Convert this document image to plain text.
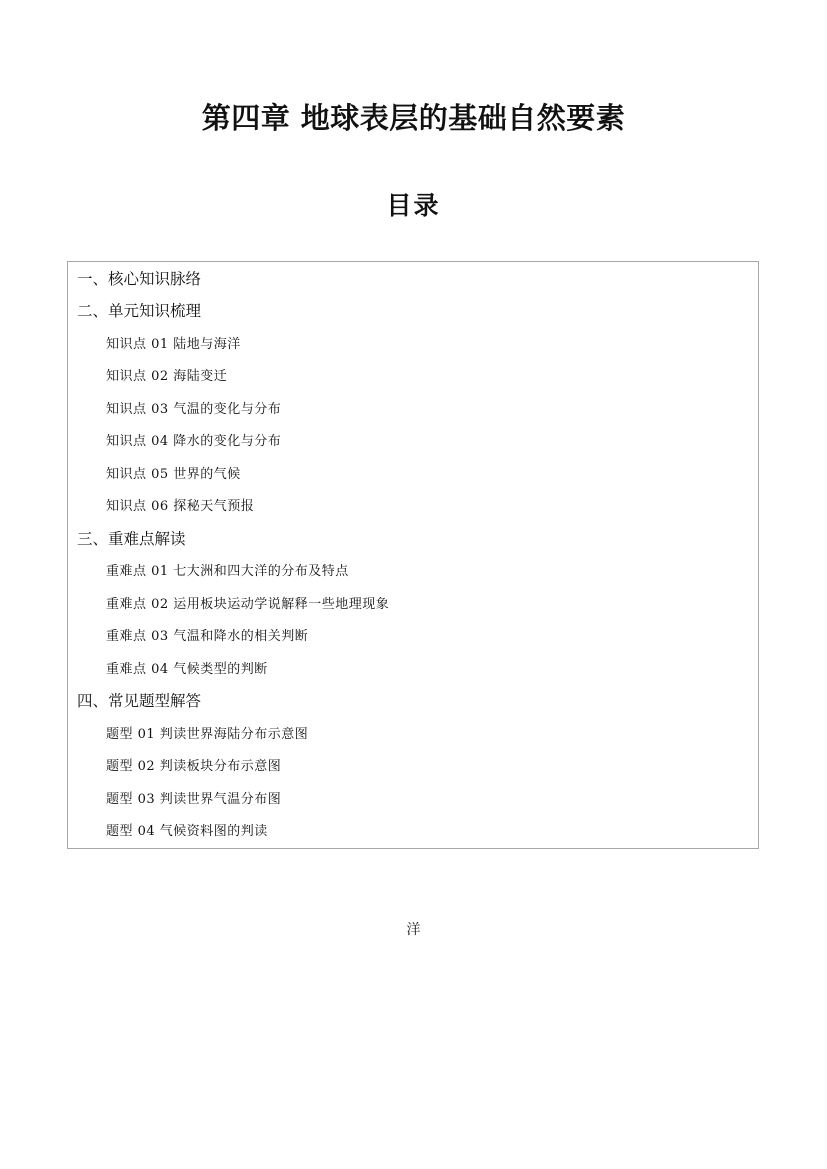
第四章 地球表层的基础自然要素
目录
一、核心知识脉络
二、单元知识梳理
知识点 01 陆地与海洋
知识点 02 海陆变迁
知识点 03 气温的变化与分布
知识点 04 降水的变化与分布
知识点 05 世界的气候
知识点 06 探秘天气预报
三、重难点解读
重难点 01 七大洲和四大洋的分布及特点
重难点 02 运用板块运动学说解释一些地理现象
重难点 03 气温和降水的相关判断
重难点 04 气候类型的判断
四、常见题型解答
题型 01 判读世界海陆分布示意图
题型 02 判读板块分布示意图
题型 03 判读世界气温分布图
题型 04 气候资料图的判读
洋
